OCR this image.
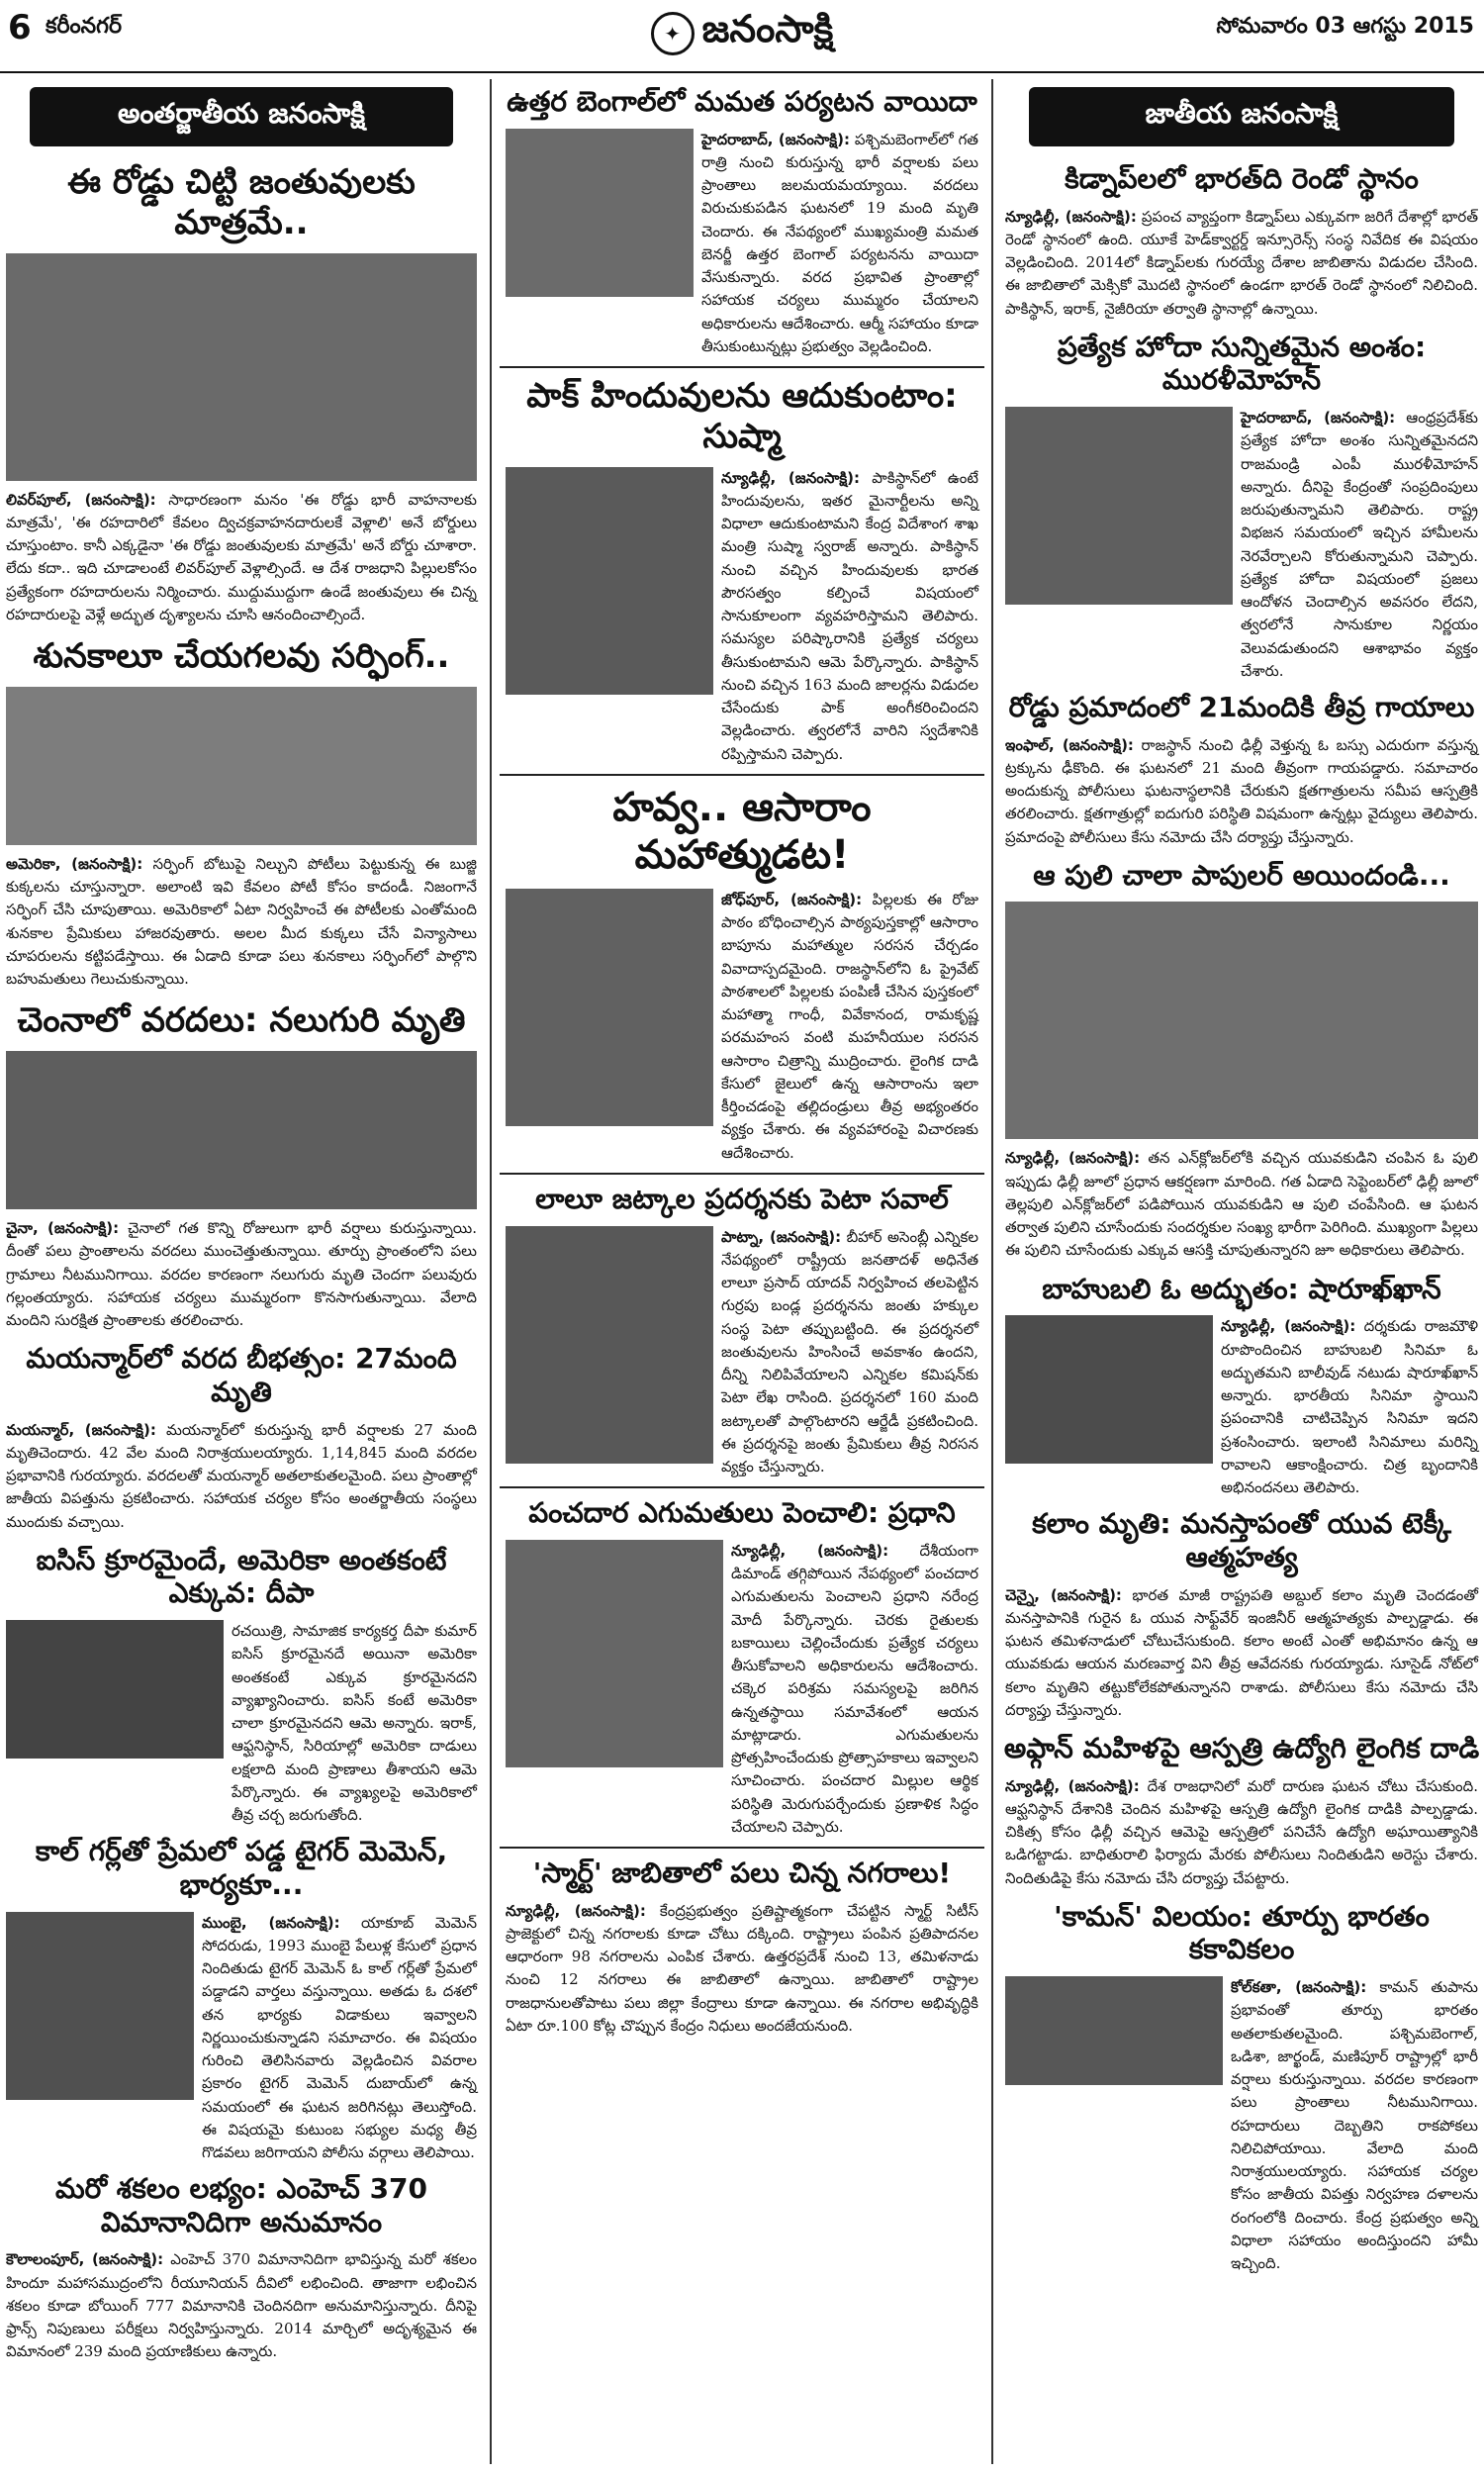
6 కరీంనగర్	✦ జనంసాక్షి	సోమవారం 03 ఆగస్టు 2015
అంతర్జాతీయ జనంసాక్షి
ఈ రోడ్డు చిట్టి జంతువులకు మాత్రమే..
లివర్‌పూల్‌, (జనంసాక్షి): సాధారణంగా మనం 'ఈ రోడ్డు భారీ వాహనాలకు మాత్రమే', 'ఈ రహదారిలో కేవలం ద్విచక్రవాహనదారులకే వెళ్లాలి' అనే బోర్డులు చూస్తుంటాం. కానీ ఎక్కడైనా 'ఈ రోడ్డు జంతువులకు మాత్రమే' అనే బోర్డు చూశారా. లేదు కదా.. ఇది చూడాలంటే లివర్‌పూల్‌ వెళ్లాల్సిందే. ఆ దేశ రాజధాని పిల్లులకోసం ప్రత్యేకంగా రహదారులను నిర్మించారు. ముద్దుముద్దుగా ఉండే జంతువులు ఈ చిన్న రహదారులపై వెళ్లే అద్భుత దృశ్యాలను చూసి ఆనందించాల్సిందే.
శునకాలూ చేయగలవు సర్ఫింగ్‌..
అమెరికా, (జనంసాక్షి): సర్ఫింగ్‌ బోటుపై నిల్చుని పోటీలు పెట్టుకున్న ఈ బుజ్జి కుక్కలను చూస్తున్నారా. అలాంటి ఇవి కేవలం పోటీ కోసం కాదండీ. నిజంగానే సర్ఫింగ్‌ చేసి చూపుతాయి. అమెరికాలో ఏటా నిర్వహించే ఈ పోటీలకు ఎంతోమంది శునకాల ప్రేమికులు హాజరవుతారు. అలల మీద కుక్కలు చేసే విన్యాసాలు చూపరులను కట్టిపడేస్తాయి. ఈ ఏడాది కూడా పలు శునకాలు సర్ఫింగ్‌లో పాల్గొని బహుమతులు గెలుచుకున్నాయి.
చెంనాలో వరదలు: నలుగురి మృతి
చైనా, (జనంసాక్షి): చైనాలో గత కొన్ని రోజులుగా భారీ వర్షాలు కురుస్తున్నాయి. దీంతో పలు ప్రాంతాలను వరదలు ముంచెత్తుతున్నాయి. తూర్పు ప్రాంతంలోని పలు గ్రామాలు నీటమునిగాయి. వరదల కారణంగా నలుగురు మృతి చెందగా పలువురు గల్లంతయ్యారు. సహాయక చర్యలు ముమ్మరంగా కొనసాగుతున్నాయి. వేలాది మందిని సురక్షిత ప్రాంతాలకు తరలించారు.
మయన్మార్‌లో వరద బీభత్సం: 27మంది మృతి
మయన్మార్‌, (జనంసాక్షి): మయన్మార్‌లో కురుస్తున్న భారీ వర్షాలకు 27 మంది మృతిచెందారు. 42 వేల మంది నిరాశ్రయులయ్యారు. 1,14,845 మంది వరదల ప్రభావానికి గురయ్యారు. వరదలతో మయన్మార్‌ అతలాకుతలమైంది. పలు ప్రాంతాల్లో జాతీయ విపత్తును ప్రకటించారు. సహాయక చర్యల కోసం అంతర్జాతీయ సంస్థలు ముందుకు వచ్చాయి.
ఐసిస్‌ క్రూరమైందే, అమెరికా అంతకంటే ఎక్కువ: దీపా
రచయిత్రి, సామాజిక కార్యకర్త దీపా కుమార్‌ ఐసిస్‌ క్రూరమైనదే అయినా అమెరికా అంతకంటే ఎక్కువ క్రూరమైనదని వ్యాఖ్యానించారు. ఐసిస్‌ కంటే అమెరికా చాలా క్రూరమైనదని ఆమె అన్నారు. ఇరాక్‌, ఆఫ్ఘనిస్థాన్‌, సిరియాల్లో అమెరికా దాడులు లక్షలాది మంది ప్రాణాలు తీశాయని ఆమె పేర్కొన్నారు. ఈ వ్యాఖ్యలపై అమెరికాలో తీవ్ర చర్చ జరుగుతోంది.
కాల్‌ గర్ల్‌తో ప్రేమలో పడ్డ టైగర్‌ మెమెన్‌, భార్యకూ...
ముంబై, (జనంసాక్షి): యాకూబ్‌ మెమెన్‌ సోదరుడు, 1993 ముంబై పేలుళ్ల కేసులో ప్రధాన నిందితుడు టైగర్‌ మెమెన్‌ ఓ కాల్‌ గర్ల్‌తో ప్రేమలో పడ్డాడని వార్తలు వస్తున్నాయి. అతడు ఓ దశలో తన భార్యకు విడాకులు ఇవ్వాలని నిర్ణయించుకున్నాడని సమాచారం. ఈ విషయం గురించి తెలిసినవారు వెల్లడించిన వివరాల ప్రకారం టైగర్‌ మెమెన్‌ దుబాయ్‌లో ఉన్న సమయంలో ఈ ఘటన జరిగినట్లు తెలుస్తోంది. ఈ విషయమై కుటుంబ సభ్యుల మధ్య తీవ్ర గొడవలు జరిగాయని పోలీసు వర్గాలు తెలిపాయి.
మరో శకలం లభ్యం: ఎంహెచ్‌ 370 విమానానిదిగా అనుమానం
కౌలాలంపూర్‌, (జనంసాక్షి): ఎంహెచ్‌ 370 విమానానిదిగా భావిస్తున్న మరో శకలం హిందూ మహాసముద్రంలోని రీయూనియన్‌ దీవిలో లభించింది. తాజాగా లభించిన శకలం కూడా బోయింగ్‌ 777 విమానానికి చెందినదిగా అనుమానిస్తున్నారు. దీనిపై ఫ్రాన్స్‌ నిపుణులు పరీక్షలు నిర్వహిస్తున్నారు. 2014 మార్చిలో అదృశ్యమైన ఈ విమానంలో 239 మంది ప్రయాణికులు ఉన్నారు.
ఉత్తర బెంగాల్‌లో మమత పర్యటన వాయిదా
హైదరాబాద్‌, (జనంసాక్షి): పశ్చిమబెంగాల్‌లో గత రాత్రి నుంచి కురుస్తున్న భారీ వర్షాలకు పలు ప్రాంతాలు జలమయమయ్యాయి. వరదలు విరుచుకుపడిన ఘటనలో 19 మంది మృతి చెందారు. ఈ నేపథ్యంలో ముఖ్యమంత్రి మమత బెనర్జీ ఉత్తర బెంగాల్‌ పర్యటనను వాయిదా వేసుకున్నారు. వరద ప్రభావిత ప్రాంతాల్లో సహాయక చర్యలు ముమ్మరం చేయాలని అధికారులను ఆదేశించారు. ఆర్మీ సహాయం కూడా తీసుకుంటున్నట్లు ప్రభుత్వం వెల్లడించింది.
పాక్‌ హిందువులను ఆదుకుంటాం: సుష్మా
న్యూఢిల్లీ, (జనంసాక్షి): పాకిస్థాన్‌లో ఉంటే హిందువులను, ఇతర మైనార్టీలను అన్ని విధాలా ఆదుకుంటామని కేంద్ర విదేశాంగ శాఖ మంత్రి సుష్మా స్వరాజ్‌ అన్నారు. పాకిస్థాన్‌ నుంచి వచ్చిన హిందువులకు భారత పౌరసత్వం కల్పించే విషయంలో సానుకూలంగా వ్యవహరిస్తామని తెలిపారు. సమస్యల పరిష్కారానికి ప్రత్యేక చర్యలు తీసుకుంటామని ఆమె పేర్కొన్నారు. పాకిస్థాన్‌ నుంచి వచ్చిన 163 మంది జాలర్లను విడుదల చేసేందుకు పాక్‌ అంగీకరించిందని వెల్లడించారు. త్వరలోనే వారిని స్వదేశానికి రప్పిస్తామని చెప్పారు.
హవ్వ.. ఆసారాం మహాత్ముడట!
జోధ్‌పూర్‌, (జనంసాక్షి): పిల్లలకు ఈ రోజు పాఠం బోధించాల్సిన పాఠ్యపుస్తకాల్లో ఆసారాం బాపూను మహాత్ముల సరసన చేర్చడం వివాదాస్పదమైంది. రాజస్థాన్‌లోని ఓ ప్రైవేట్‌ పాఠశాలలో పిల్లలకు పంపిణీ చేసిన పుస్తకంలో మహాత్మా గాంధీ, వివేకానంద, రామకృష్ణ పరమహంస వంటి మహనీయుల సరసన ఆసారాం చిత్రాన్ని ముద్రించారు. లైంగిక దాడి కేసులో జైలులో ఉన్న ఆసారాంను ఇలా కీర్తించడంపై తల్లిదండ్రులు తీవ్ర అభ్యంతరం వ్యక్తం చేశారు. ఈ వ్యవహారంపై విచారణకు ఆదేశించారు.
లాలూ జట్కాల ప్రదర్శనకు పెటా సవాల్‌
పాట్నా, (జనంసాక్షి): బీహార్‌ అసెంబ్లీ ఎన్నికల నేపథ్యంలో రాష్ట్రీయ జనతాదళ్‌ అధినేత లాలూ ప్రసాద్‌ యాదవ్‌ నిర్వహించ తలపెట్టిన గుర్రపు బండ్ల ప్రదర్శనను జంతు హక్కుల సంస్థ పెటా తప్పుబట్టింది. ఈ ప్రదర్శనలో జంతువులను హింసించే అవకాశం ఉందని, దీన్ని నిలిపివేయాలని ఎన్నికల కమిషన్‌కు పెటా లేఖ రాసింది. ప్రదర్శనలో 160 మంది జట్కాలతో పాల్గొంటారని ఆర్జేడీ ప్రకటించింది. ఈ ప్రదర్శనపై జంతు ప్రేమికులు తీవ్ర నిరసన వ్యక్తం చేస్తున్నారు.
పంచదార ఎగుమతులు పెంచాలి: ప్రధాని
న్యూఢిల్లీ, (జనంసాక్షి): దేశీయంగా డిమాండ్‌ తగ్గిపోయిన నేపథ్యంలో పంచదార ఎగుమతులను పెంచాలని ప్రధాని నరేంద్ర మోదీ పేర్కొన్నారు. చెరకు రైతులకు బకాయిలు చెల్లించేందుకు ప్రత్యేక చర్యలు తీసుకోవాలని అధికారులను ఆదేశించారు. చక్కెర పరిశ్రమ సమస్యలపై జరిగిన ఉన్నతస్థాయి సమావేశంలో ఆయన మాట్లాడారు. ఎగుమతులను ప్రోత్సహించేందుకు ప్రోత్సాహకాలు ఇవ్వాలని సూచించారు. పంచదార మిల్లుల ఆర్థిక పరిస్థితి మెరుగుపర్చేందుకు ప్రణాళిక సిద్ధం చేయాలని చెప్పారు.
'స్మార్ట్‌' జాబితాలో పలు చిన్న నగరాలు!
న్యూఢిల్లీ, (జనంసాక్షి): కేంద్రప్రభుత్వం ప్రతిష్టాత్మకంగా చేపట్టిన స్మార్ట్‌ సిటీస్‌ ప్రాజెక్టులో చిన్న నగరాలకు కూడా చోటు దక్కింది. రాష్ట్రాలు పంపిన ప్రతిపాదనల ఆధారంగా 98 నగరాలను ఎంపిక చేశారు. ఉత్తరప్రదేశ్‌ నుంచి 13, తమిళనాడు నుంచి 12 నగరాలు ఈ జాబితాలో ఉన్నాయి. జాబితాలో రాష్ట్రాల రాజధానులతోపాటు పలు జిల్లా కేంద్రాలు కూడా ఉన్నాయి. ఈ నగరాల అభివృద్ధికి ఏటా రూ.100 కోట్ల చొప్పున కేంద్రం నిధులు అందజేయనుంది.
జాతీయ జనంసాక్షి
కిడ్నాప్‌లలో భారత్‌ది రెండో స్థానం
న్యూఢిల్లీ, (జనంసాక్షి): ప్రపంచ వ్యాప్తంగా కిడ్నాప్‌లు ఎక్కువగా జరిగే దేశాల్లో భారత్‌ రెండో స్థానంలో ఉంది. యూకే హెడ్‌క్వార్టర్డ్‌ ఇన్సూరెన్స్‌ సంస్థ నివేదిక ఈ విషయం వెల్లడించింది. 2014లో కిడ్నాప్‌లకు గురయ్యే దేశాల జాబితాను విడుదల చేసింది. ఈ జాబితాలో మెక్సికో మొదటి స్థానంలో ఉండగా భారత్‌ రెండో స్థానంలో నిలిచింది. పాకిస్థాన్‌, ఇరాక్‌, నైజీరియా తర్వాతి స్థానాల్లో ఉన్నాయి.
ప్రత్యేక హోదా సున్నితమైన అంశం: మురళీమోహన్‌
హైదరాబాద్‌, (జనంసాక్షి): ఆంధ్రప్రదేశ్‌కు ప్రత్యేక హోదా అంశం సున్నితమైనదని రాజమండ్రి ఎంపీ మురళీమోహన్‌ అన్నారు. దీనిపై కేంద్రంతో సంప్రదింపులు జరుపుతున్నామని తెలిపారు. రాష్ట్ర విభజన సమయంలో ఇచ్చిన హామీలను నెరవేర్చాలని కోరుతున్నామని చెప్పారు. ప్రత్యేక హోదా విషయంలో ప్రజలు ఆందోళన చెందాల్సిన అవసరం లేదని, త్వరలోనే సానుకూల నిర్ణయం వెలువడుతుందని ఆశాభావం వ్యక్తం చేశారు.
రోడ్డు ప్రమాదంలో 21మందికి తీవ్ర గాయాలు
ఇంఫాల్‌, (జనంసాక్షి): రాజస్థాన్‌ నుంచి ఢిల్లీ వెళ్తున్న ఓ బస్సు ఎదురుగా వస్తున్న ట్రక్కును ఢీకొంది. ఈ ఘటనలో 21 మంది తీవ్రంగా గాయపడ్డారు. సమాచారం అందుకున్న పోలీసులు ఘటనాస్థలానికి చేరుకుని క్షతగాత్రులను సమీప ఆస్పత్రికి తరలించారు. క్షతగాత్రుల్లో ఐదుగురి పరిస్థితి విషమంగా ఉన్నట్లు వైద్యులు తెలిపారు. ప్రమాదంపై పోలీసులు కేసు నమోదు చేసి దర్యాప్తు చేస్తున్నారు.
ఆ పులి చాలా పాపులర్‌ అయిందండి...
న్యూఢిల్లీ, (జనంసాక్షి): తన ఎన్‌క్లోజర్‌లోకి వచ్చిన యువకుడిని చంపిన ఓ పులి ఇప్పుడు ఢిల్లీ జూలో ప్రధాన ఆకర్షణగా మారింది. గత ఏడాది సెప్టెంబర్‌లో ఢిల్లీ జూలో తెల్లపులి ఎన్‌క్లోజర్‌లో పడిపోయిన యువకుడిని ఆ పులి చంపేసింది. ఆ ఘటన తర్వాత పులిని చూసేందుకు సందర్శకుల సంఖ్య భారీగా పెరిగింది. ముఖ్యంగా పిల్లలు ఈ పులిని చూసేందుకు ఎక్కువ ఆసక్తి చూపుతున్నారని జూ అధికారులు తెలిపారు.
బాహుబలి ఓ అద్భుతం: షారూఖ్‌ఖాన్‌
న్యూఢిల్లీ, (జనంసాక్షి): దర్శకుడు రాజమౌళి రూపొందించిన బాహుబలి సినిమా ఓ అద్భుతమని బాలీవుడ్‌ నటుడు షారూఖ్‌ఖాన్‌ అన్నారు. భారతీయ సినిమా స్థాయిని ప్రపంచానికి చాటిచెప్పిన సినిమా ఇదని ప్రశంసించారు. ఇలాంటి సినిమాలు మరిన్ని రావాలని ఆకాంక్షించారు. చిత్ర బృందానికి అభినందనలు తెలిపారు.
కలాం మృతి: మనస్తాపంతో యువ టెక్కీ ఆత్మహత్య
చెన్నై, (జనంసాక్షి): భారత మాజీ రాష్ట్రపతి అబ్దుల్‌ కలాం మృతి చెందడంతో మనస్తాపానికి గురైన ఓ యువ సాఫ్ట్‌వేర్‌ ఇంజినీర్‌ ఆత్మహత్యకు పాల్పడ్డాడు. ఈ ఘటన తమిళనాడులో చోటుచేసుకుంది. కలాం అంటే ఎంతో అభిమానం ఉన్న ఆ యువకుడు ఆయన మరణవార్త విని తీవ్ర ఆవేదనకు గురయ్యాడు. సూసైడ్‌ నోట్‌లో కలాం మృతిని తట్టుకోలేకపోతున్నానని రాశాడు. పోలీసులు కేసు నమోదు చేసి దర్యాప్తు చేస్తున్నారు.
అఫ్గాన్‌ మహిళపై ఆస్పత్రి ఉద్యోగి లైంగిక దాడి
న్యూఢిల్లీ, (జనంసాక్షి): దేశ రాజధానిలో మరో దారుణ ఘటన చోటు చేసుకుంది. ఆఫ్ఘనిస్థాన్‌ దేశానికి చెందిన మహిళపై ఆస్పత్రి ఉద్యోగి లైంగిక దాడికి పాల్పడ్డాడు. చికిత్స కోసం ఢిల్లీ వచ్చిన ఆమెపై ఆస్పత్రిలో పనిచేసే ఉద్యోగి అఘాయిత్యానికి ఒడిగట్టాడు. బాధితురాలి ఫిర్యాదు మేరకు పోలీసులు నిందితుడిని అరెస్టు చేశారు. నిందితుడిపై కేసు నమోదు చేసి దర్యాప్తు చేపట్టారు.
'కామన్‌' విలయం: తూర్పు భారతం కకావికలం
కోల్‌కతా, (జనంసాక్షి): కామన్‌ తుపాను ప్రభావంతో తూర్పు భారతం అతలాకుతలమైంది. పశ్చిమబెంగాల్‌, ఒడిశా, జార్ఖండ్‌, మణిపూర్‌ రాష్ట్రాల్లో భారీ వర్షాలు కురుస్తున్నాయి. వరదల కారణంగా పలు ప్రాంతాలు నీటమునిగాయి. రహదారులు దెబ్బతిని రాకపోకలు నిలిచిపోయాయి. వేలాది మంది నిరాశ్రయులయ్యారు. సహాయక చర్యల కోసం జాతీయ విపత్తు నిర్వహణ దళాలను రంగంలోకి దించారు. కేంద్ర ప్రభుత్వం అన్ని విధాలా సహాయం అందిస్తుందని హామీ ఇచ్చింది.
